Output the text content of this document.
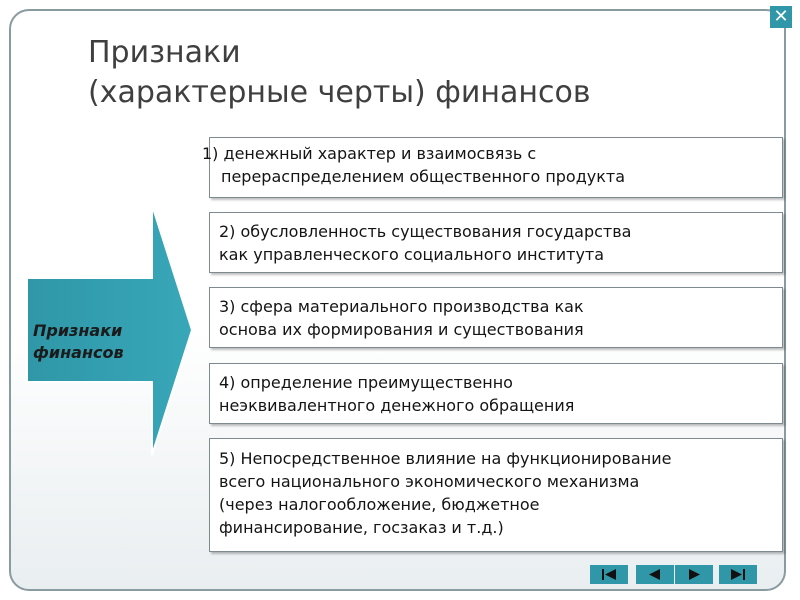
✕
Признаки
(характерные черты) финансов
Признаки
финансов
1) денежный характер и взаимосвязь с
перераспределением общественного продукта
2) обусловленность существования государства
как управленческого социального института
3) сфера материального производства как
основа их формирования и существования
4) определение преимущественно
неэквивалентного денежного обращения
5) Непосредственное влияние на функционирование
всего национального экономического механизма
(через налогообложение, бюджетное
финансирование, госзаказ и т.д.)
